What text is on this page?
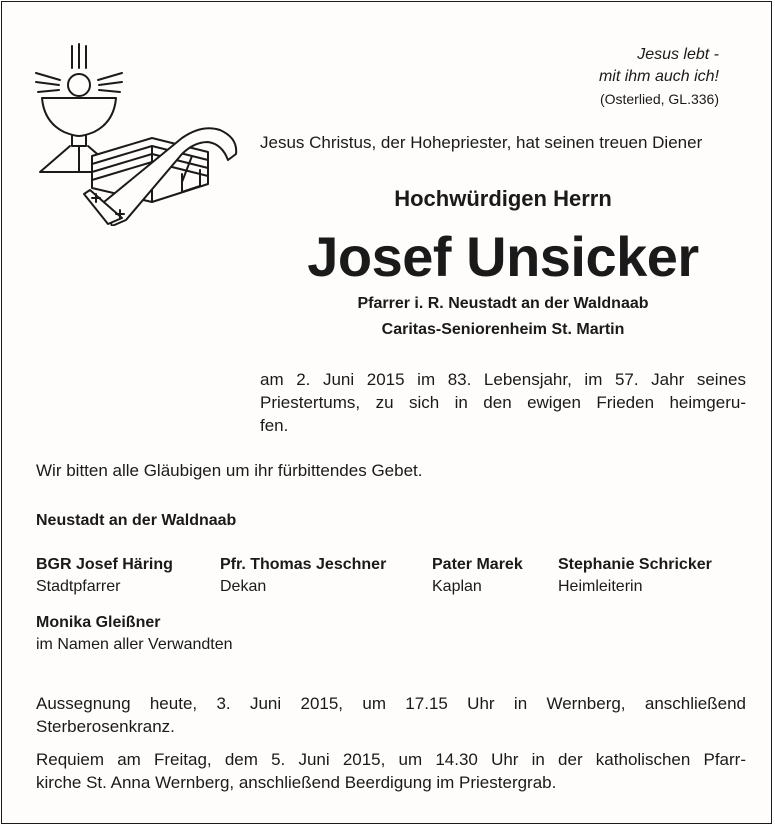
Jesus lebt -
mit ihm auch ich!
(Osterlied, GL.336)
Jesus Christus, der Hohepriester, hat seinen treuen Diener
Hochwürdigen Herrn
Josef Unsicker
Pfarrer i. R. Neustadt an der Waldnaab
Caritas-Seniorenheim St. Martin
am 2. Juni 2015 im 83. Lebensjahr, im 57. Jahr seines
Priestertums, zu sich in den ewigen Frieden heimgeru-
fen.
Wir bitten alle Gläubigen um ihr fürbittendes Gebet.
Neustadt an der Waldnaab
BGR Josef Häring
Stadtpfarrer
Pfr. Thomas Jeschner
Dekan
Pater Marek
Kaplan
Stephanie Schricker
Heimleiterin
Monika Gleißner
im Namen aller Verwandten
Aussegnung heute, 3. Juni 2015, um 17.15 Uhr in Wernberg, anschließend
Sterberosenkranz.
Requiem am Freitag, dem 5. Juni 2015, um 14.30 Uhr in der katholischen Pfarr-
kirche St. Anna Wernberg, anschließend Beerdigung im Priestergrab.
